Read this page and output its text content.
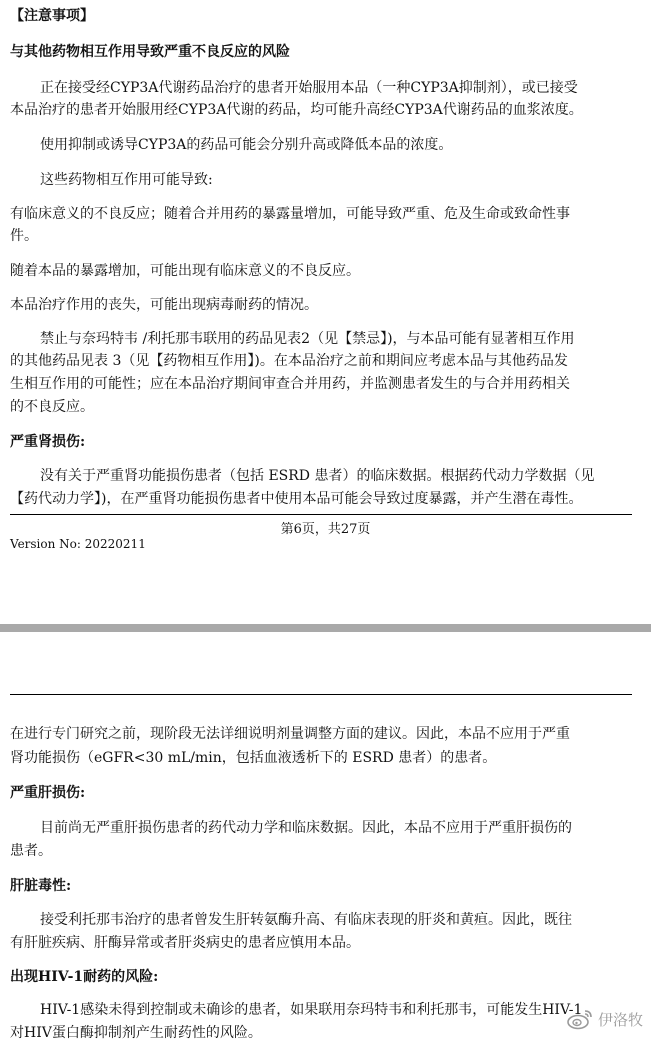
【注意事项】
与其他药物相互作用导致严重不良反应的风险
正在接受经CYP3A代谢药品治疗的患者开始服用本品（一种CYP3A抑制剂），或已接受
本品治疗的患者开始服用经CYP3A代谢的药品，均可能升高经CYP3A代谢药品的血浆浓度。
使用抑制或诱导CYP3A的药品可能会分别升高或降低本品的浓度。
这些药物相互作用可能导致:
有临床意义的不良反应；随着合并用药的暴露量增加，可能导致严重、危及生命或致命性事
件。
随着本品的暴露增加，可能出现有临床意义的不良反应。
本品治疗作用的丧失，可能出现病毒耐药的情况。
禁止与奈玛特韦 /利托那韦联用的药品见表2（见【禁忌】)，与本品可能有显著相互作用
的其他药品见表 3（见【药物相互作用】)。在本品治疗之前和期间应考虑本品与其他药品发
生相互作用的可能性；应在本品治疗期间审查合并用药，并监测患者发生的与合并用药相关
的不良反应。
严重肾损伤:
没有关于严重肾功能损伤患者（包括 ESRD 患者）的临床数据。根据药代动力学数据（见
【药代动力学】)，在严重肾功能损伤患者中使用本品可能会导致过度暴露，并产生潜在毒性。
第6页，共27页
Version No: 20220211
在进行专门研究之前，现阶段无法详细说明剂量调整方面的建议。因此，本品不应用于严重
肾功能损伤（eGFR<30 mL/min，包括血液透析下的 ESRD 患者）的患者。
严重肝损伤:
目前尚无严重肝损伤患者的药代动力学和临床数据。因此，本品不应用于严重肝损伤的
患者。
肝脏毒性:
接受利托那韦治疗的患者曾发生肝转氨酶升高、有临床表现的肝炎和黄疸。因此，既往
有肝脏疾病、肝酶异常或者肝炎病史的患者应慎用本品。
出现HIV-1耐药的风险:
HIV-1感染未得到控制或未确诊的患者，如果联用奈玛特韦和利托那韦，可能发生HIV-1
对HIV蛋白酶抑制剂产生耐药性的风险。
伊洛牧
